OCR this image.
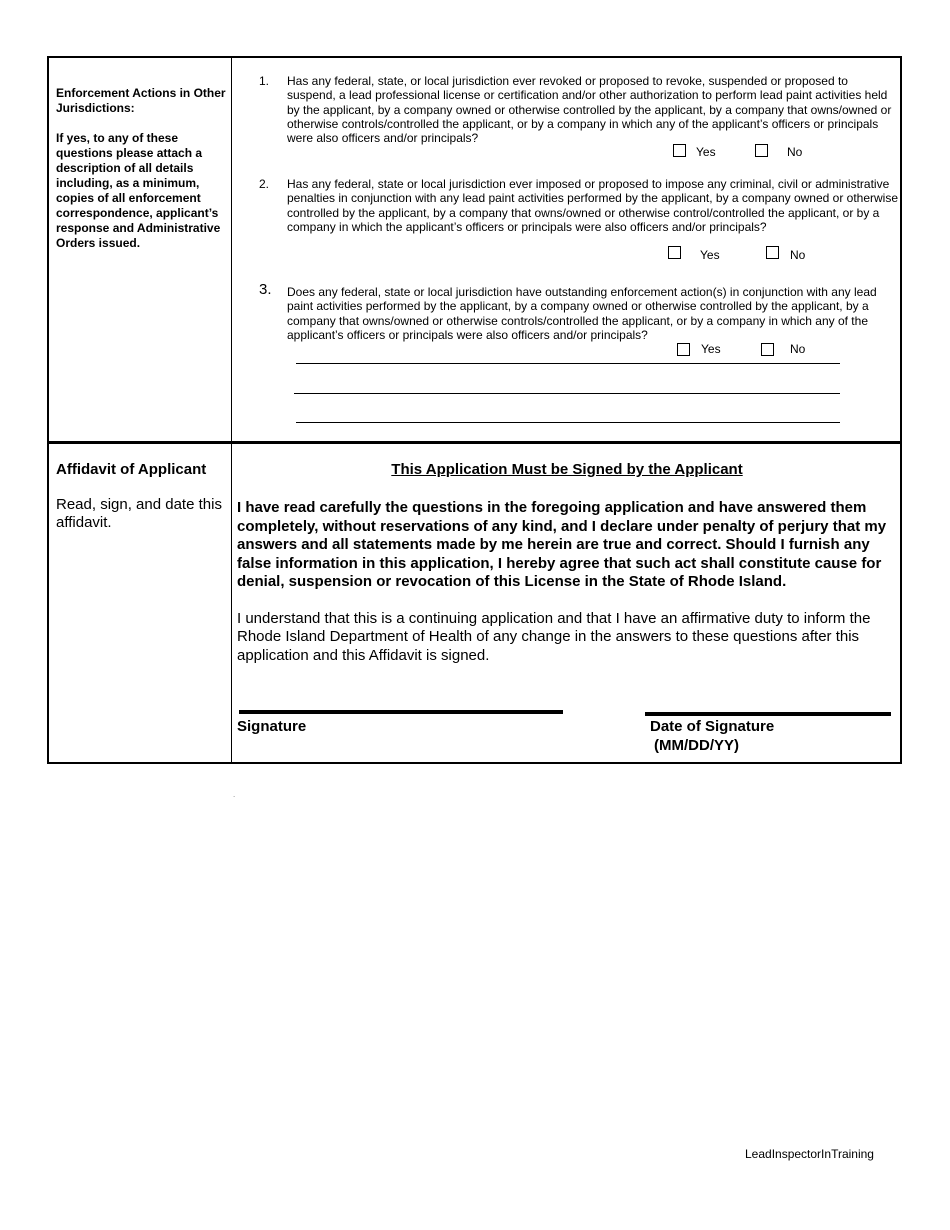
Enforcement Actions in Other Jurisdictions:
If yes, to any of these questions please attach a description of all details including, as a minimum, copies of all enforcement correspondence, applicant’s response and Administrative Orders issued.
1. Has any federal, state, or local jurisdiction ever revoked or proposed to revoke, suspended or proposed to suspend, a lead professional license or certification and/or other authorization to perform lead paint activities held by the applicant, by a company owned or otherwise controlled by the applicant, by a company that owns/owned or otherwise controls/controlled the applicant, or by a company in which any of the applicant’s officers or principals were also officers and/or principals?
Yes	No
2. Has any federal, state or local jurisdiction ever imposed or proposed to impose any criminal, civil or administrative penalties in conjunction with any lead paint activities performed by the applicant, by a company owned or otherwise controlled by the applicant, by a company that owns/owned or otherwise control/controlled the applicant, or by a company in which the applicant’s officers or principals were also officers and/or principals?
Yes	No
3. Does any federal, state or local jurisdiction have outstanding enforcement action(s) in conjunction with any lead paint activities performed by the applicant, by a company owned or otherwise controlled by the applicant, by a company that owns/owned or otherwise controls/controlled the applicant, or by a company in which any of the applicant’s officers or principals were also officers and/or principals?
Yes	No
Affidavit of Applicant
Read, sign, and date this affidavit.
This Application Must be Signed by the Applicant
I have read carefully the questions in the foregoing application and have answered them completely, without reservations of any kind, and I declare under penalty of perjury that my answers and all statements made by me herein are true and correct. Should I furnish any false information in this application, I hereby agree that such act shall constitute cause for denial, suspension or revocation of this License in the State of Rhode Island.
I understand that this is a continuing application and that I have an affirmative duty to inform the Rhode Island Department of Health of any change in the answers to these questions after this application and this Affidavit is signed.
Signature	Date of Signature
(MM/DD/YY)
.
LeadInspectorInTraining
